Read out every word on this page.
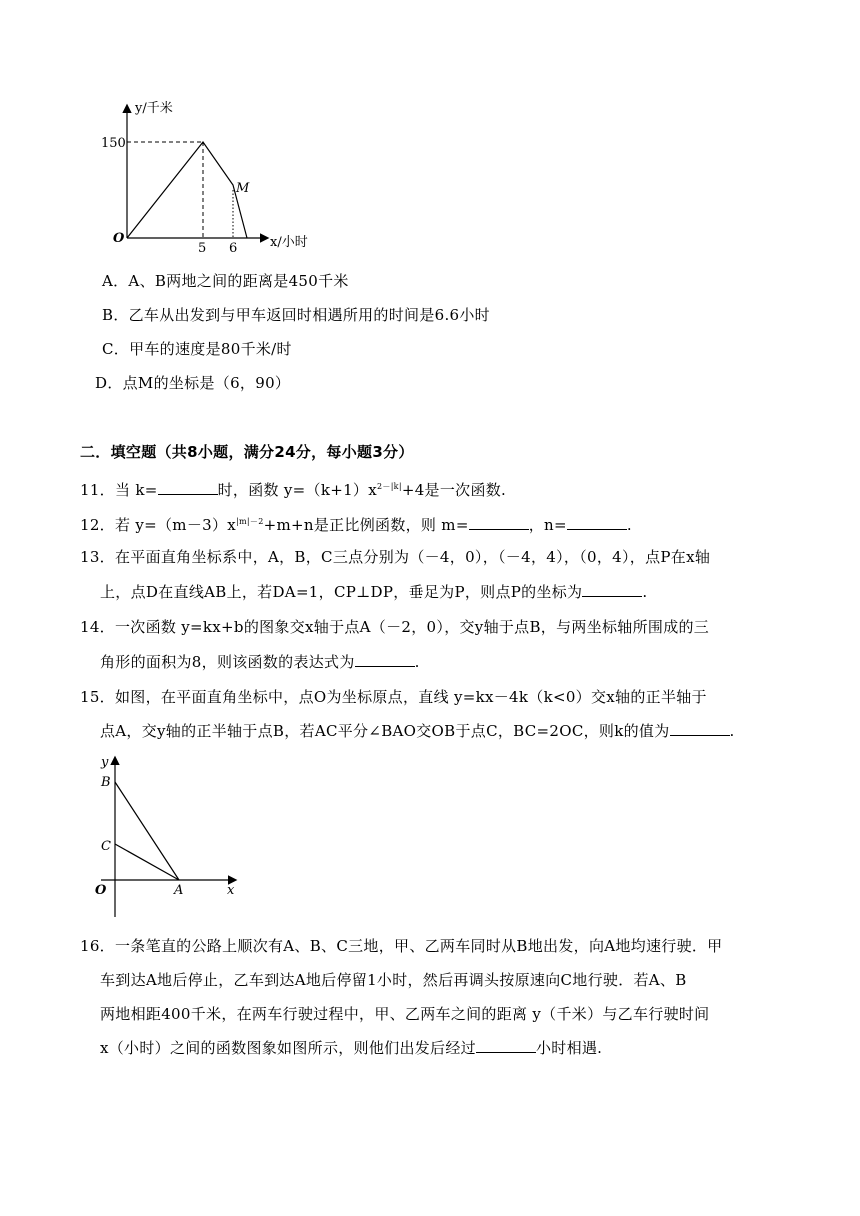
y/千米
x/小时
150
O
5 6
M
A．A、B两地之间的距离是450千米
B．乙车从出发到与甲车返回时相遇所用的时间是6.6小时
C．甲车的速度是80千米/时
D．点M的坐标是（6，90）
二．填空题（共8小题，满分24分，每小题3分）
11．当 k=	时，函数 $y=(k+1)x^{2-|k|}+4$是一次函数.
12．若 $y=(m-3)x^{|m|-2}+m+n$是正比例函数，则 m=	，n=	.
13．在平面直角坐标系中，A，B，C三点分别为（－4，0），（－4，4），（0，4），点P在x轴
上，点D在直线AB上，若DA=1，CP⊥DP，垂足为P，则点P的坐标为	.
14．一次函数 y=kx+b的图象交x轴于点A（－2，0），交y轴于点B，与两坐标轴所围成的三
角形的面积为8，则该函数的表达式为	.
15．如图，在平面直角坐标中，点O为坐标原点，直线 y=kx－4k（k<0）交x轴的正半轴于
点A，交y轴的正半轴于点B，若AC平分∠BAO交OB于点C，BC=2OC，则k的值为	.
y
x
B
C
O	A
16．一条笔直的公路上顺次有A、B、C三地，甲、乙两车同时从B地出发，向A地均速行驶．甲
车到达A地后停止，乙车到达A地后停留1小时，然后再调头按原速向C地行驶．若A、B
两地相距400千米，在两车行驶过程中，甲、乙两车之间的距离 y（千米）与乙车行驶时间
x（小时）之间的函数图象如图所示，则他们出发后经过	小时相遇.
